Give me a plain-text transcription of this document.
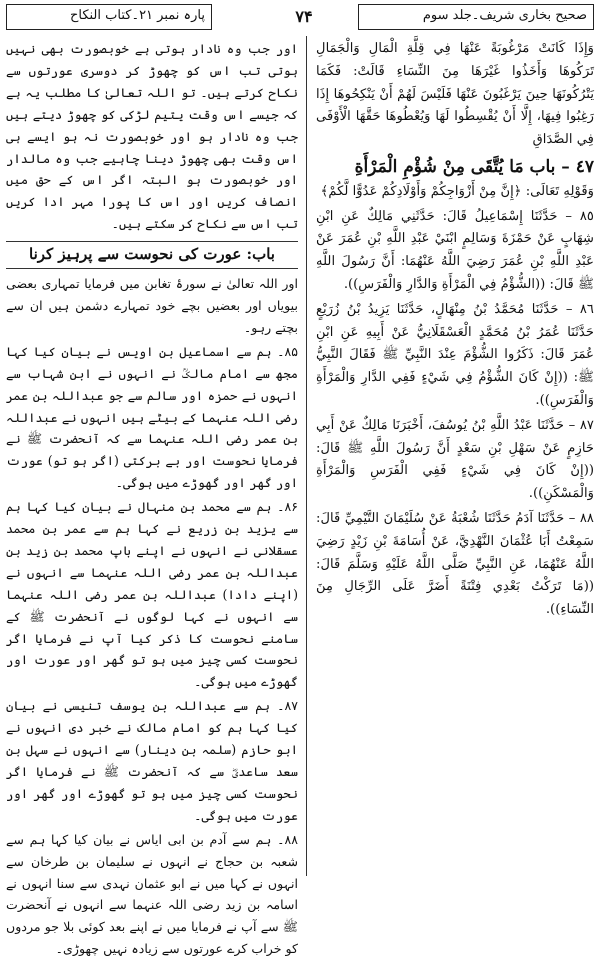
صحیح بخاری شریف۔جلد سوم
۷۴
پارہ نمبر ۲۱۔کتاب النکاح

وَإِذَا كَانَتْ مَرْغُوبَةً عَنْهَا فِي قِلَّةِ الْمَالِ وَالْجَمَالِ تَرَكُوهَا وَأَخَذُوا غَيْرَهَا مِنَ النِّسَاءِ قَالَتْ: فَكَمَا يَتْرُكُونَهَا حِينَ يَرْغَبُونَ عَنْهَا فَلَيْسَ لَهُمْ أَنْ يَنْكِحُوهَا إِذَا رَغِبُوا فِيهَا، إِلَّا أَنْ يُقْسِطُوا لَهَا وَيُعْطُوهَا حَقَّهَا الْأَوْفَى فِي الصَّدَاقِ

٤٧ – باب مَا يُتَّقَى مِنْ شُؤْمِ الْمَرْأَةِ

وَقَوْلِهِ تَعَالَى: ﴿إِنَّ مِنْ أَزْوَاجِكُمْ وَأَوْلَادِكُمْ عَدُوًّا لَّكُمْ﴾

٨٥ – حَدَّثَنَا إِسْمَاعِيلُ قَالَ: حَدَّثَنِي مَالِكٌ عَنِ ابْنِ شِهَابٍ عَنْ حَمْزَةَ وَسَالِمٍ ابْنَيْ عَبْدِ اللَّهِ بْنِ عُمَرَ عَنْ عَبْدِ اللَّهِ بْنِ عُمَرَ رَضِيَ اللَّهُ عَنْهُمَا: أَنَّ رَسُولَ اللَّهِ ﷺ قَالَ: ((الشُّؤْمُ فِي الْمَرْأَةِ وَالدَّارِ وَالْفَرَسِ)).

٨٦ – حَدَّثَنَا مُحَمَّدُ بْنُ مِنْهَالٍ، حَدَّثَنَا يَزِيدُ بْنُ زُرَيْعٍ حَدَّثَنَا عُمَرُ بْنُ مُحَمَّدٍ الْعَسْقَلَانِيُّ عَنْ أَبِيهِ عَنِ ابْنِ عُمَرَ قَالَ: ذَكَرُوا الشُّؤْمَ عِنْدَ النَّبِيِّ ﷺ فَقَالَ النَّبِيُّ ﷺ: ((إِنْ كَانَ الشُّؤْمُ فِي شَيْءٍ فَفِي الدَّارِ وَالْمَرْأَةِ وَالْفَرَسِ)).

٨٧ – حَدَّثَنَا عَبْدُ اللَّهِ بْنُ يُوسُفَ، أَخْبَرَنَا مَالِكٌ عَنْ أَبِي حَازِمٍ عَنْ سَهْلِ بْنِ سَعْدٍ أَنَّ رَسُولَ اللَّهِ ﷺ قَالَ: ((إِنْ كَانَ فِي شَيْءٍ فَفِي الْفَرَسِ وَالْمَرْأَةِ وَالْمَسْكَنِ)).

٨٨ – حَدَّثَنَا آدَمُ حَدَّثَنَا شُعْبَةُ عَنْ سُلَيْمَانَ التَّيْمِيِّ قَالَ: سَمِعْتُ أَبَا عُثْمَانَ النَّهْدِيَّ، عَنْ أُسَامَةَ بْنِ زَيْدٍ رَضِيَ اللَّهُ عَنْهُمَا، عَنِ النَّبِيِّ صَلَّى اللَّهُ عَلَيْهِ وَسَلَّمَ قَالَ: ((مَا تَرَكْتُ بَعْدِي فِتْنَةً أَضَرَّ عَلَى الرِّجَالِ مِنَ النِّسَاءِ)).

اور جب وہ نادار ہوتی ہے خوبصورت بھی نہیں ہوتی تب اس کو چھوڑ کر دوسری عورتوں سے نکاح کرتے ہیں۔ تو اللہ تعالیٰ کا مطلب یہ ہے کہ جیسے اس وقت یتیم لڑکی کو چھوڑ دیتے ہیں جب وہ نادار ہو اور خوبصورت نہ ہو ایسے ہی اس وقت بھی چھوڑ دینا چاہیے جب وہ مالدار اور خوبصورت ہو البتہ اگر اس کے حق میں انصاف کریں اور اس کا پورا مہر ادا کریں تب اس سے نکاح کر سکتے ہیں۔

باب: عورت کی نحوست سے پرہیز کرنا

اور اللہ تعالیٰ نے سورۂ تغابن میں فرمایا تمہاری بعضی بیویاں اور بعضیں بچے خود تمہارے دشمن ہیں ان سے بچتے رہو۔

۸۵۔ ہم سے اسماعیل بن اویس نے بیان کیا کہا مجھ سے امام مالکؒ نے انہوں نے ابن شہاب سے انہوں نے حمزہ اور سالم سے جو عبداللہ بن عمر رضی اللہ عنہما کے بیٹے ہیں انہوں نے عبداللہ بن عمر رضی اللہ عنہما سے کہ آنحضرت ﷺ نے فرمایا نحوست اور بے برکتی (اگر ہو تو) عورت اور گھر اور گھوڑے میں ہوگی۔

۸۶۔ ہم سے محمد بن منہال نے بیان کیا کہا ہم سے یزید بن زریع نے کہا ہم سے عمر بن محمد عسقلانی نے انہوں نے اپنے باپ محمد بن زید بن عبداللہ بن عمر رضی اللہ عنہما سے انہوں نے (اپنے دادا) عبداللہ بن عمر رضی اللہ عنہما سے انہوں نے کہا لوگوں نے آنحضرت ﷺ کے سامنے نحوست کا ذکر کیا آپ نے فرمایا اگر نحوست کسی چیز میں ہو تو گھر اور عورت اور گھوڑے میں ہوگی۔

۸۷۔ ہم سے عبداللہ بن یوسف تنیسی نے بیان کیا کہا ہم کو امام مالک نے خبر دی انہوں نے ابو حازم (سلمہ بن دینار) سے انہوں نے سہل بن سعد ساعدیؓ سے کہ آنحضرت ﷺ نے فرمایا اگر نحوست کسی چیز میں ہو تو گھوڑے اور گھر اور عورت میں ہوگی۔

۸۸۔ ہم سے آدم بن ابی ایاس نے بیان کیا کہا ہم سے شعبہ بن حجاج نے انہوں نے سلیمان بن طرخان سے انہوں نے کہا میں نے ابو عثمان نہدی سے سنا انہوں نے اسامہ بن زید رضی اللہ عنہما سے انہوں نے آنحضرت ﷺ سے آپ نے فرمایا میں نے اپنے بعد کوئی بلا جو مردوں کو خراب کرے عورتوں سے زیادہ نہیں چھوڑی۔
